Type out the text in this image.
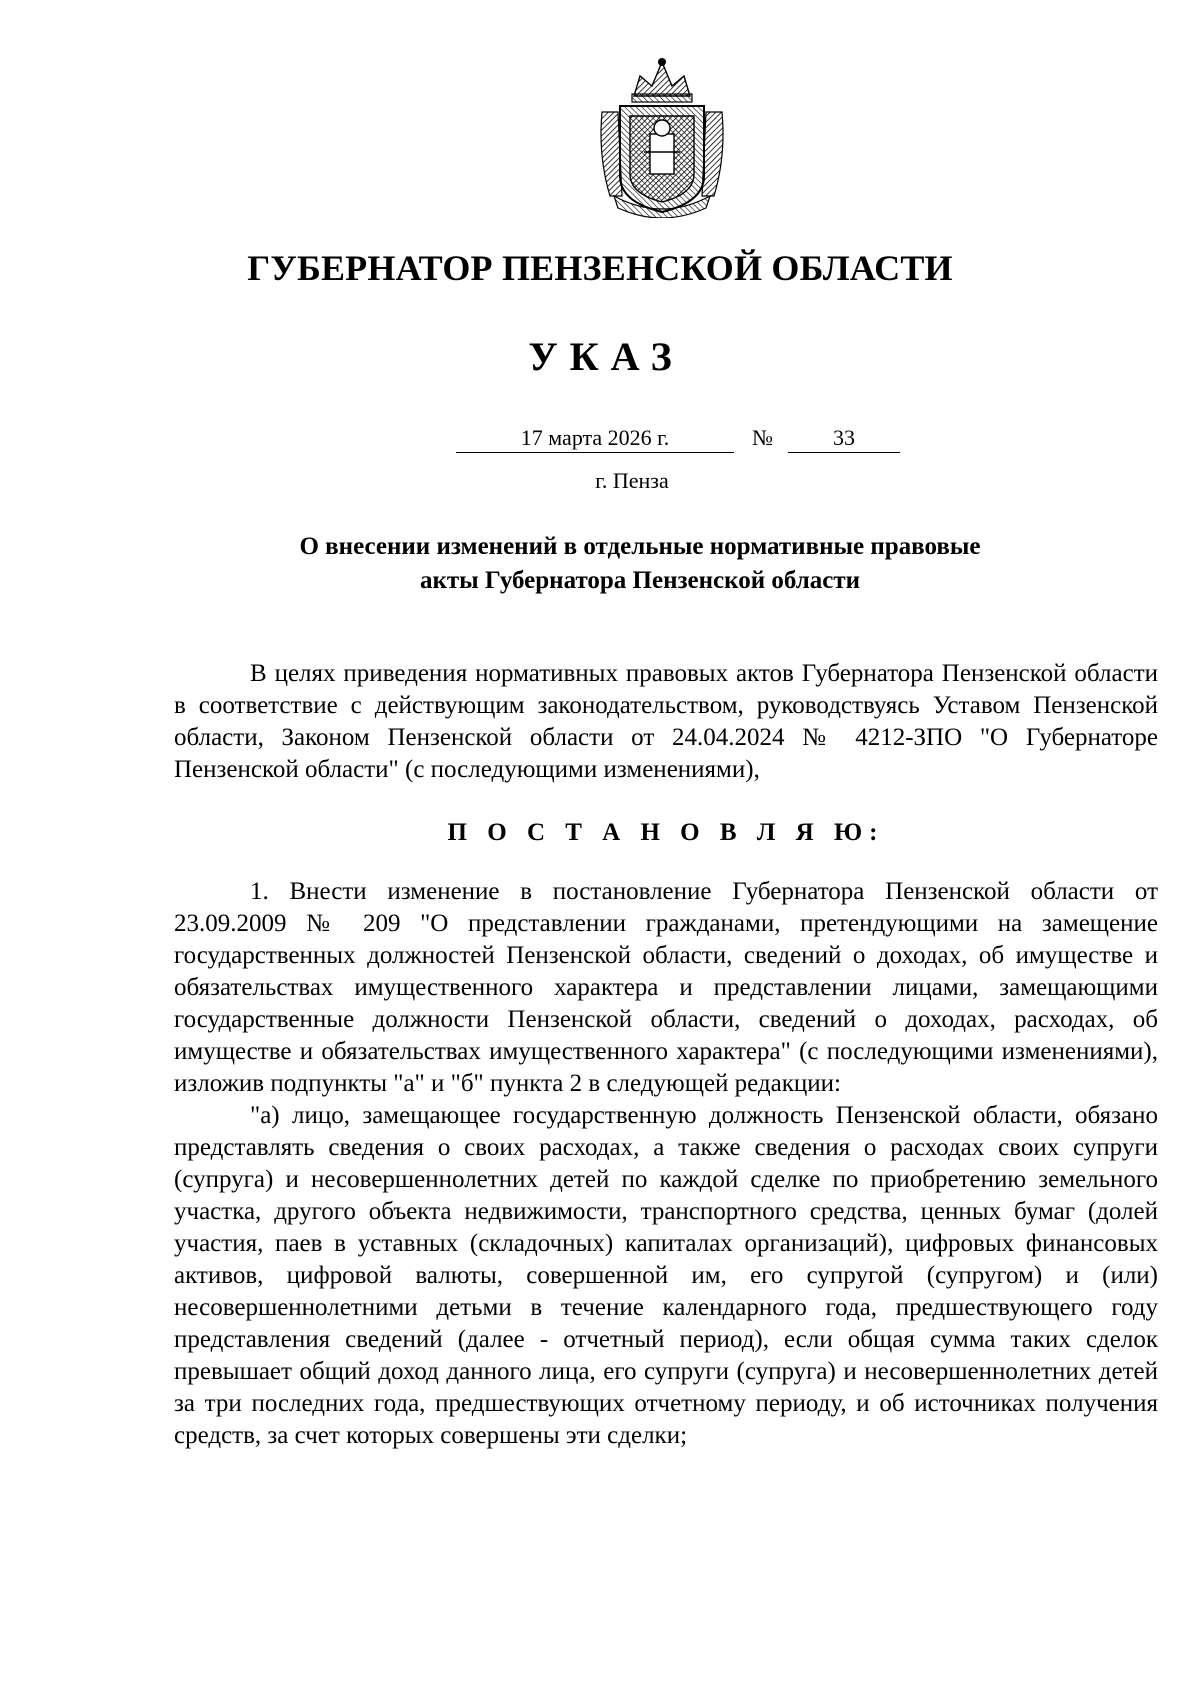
ГУБЕРНАТОР ПЕНЗЕНСКОЙ ОБЛАСТИ
УКАЗ
17 марта 2026 г.	№	33
г. Пенза
О внесении изменений в отдельные нормативные правовые
акты Губернатора Пензенской области

В целях приведения нормативных правовых актов Губернатора Пензенской области в соответствие с действующим законодательством, руководствуясь Уставом Пензенской области, Законом Пензенской области от 24.04.2024 № 4212-ЗПО "О Губернаторе Пензенской области" (с последующими изменениями),

П О С Т А Н О В Л Я Ю:

1. Внести изменение в постановление Губернатора Пензенской области от 23.09.2009 № 209 "О представлении гражданами, претендующими на замещение государственных должностей Пензенской области, сведений о доходах, об имуществе и обязательствах имущественного характера и представлении лицами, замещающими государственные должности Пензенской области, сведений о доходах, расходах, об имуществе и обязательствах имущественного характера" (с последующими изменениями), изложив подпункты "а" и "б" пункта 2 в следующей редакции:

"а) лицо, замещающее государственную должность Пензенской области, обязано представлять сведения о своих расходах, а также сведения о расходах своих супруги (супруга) и несовершеннолетних детей по каждой сделке по приобретению земельного участка, другого объекта недвижимости, транспортного средства, ценных бумаг (долей участия, паев в уставных (складочных) капиталах организаций), цифровых финансовых активов, цифровой валюты, совершенной им, его супругой (супругом) и (или) несовершеннолетними детьми в течение календарного года, предшествующего году представления сведений (далее - отчетный период), если общая сумма таких сделок превышает общий доход данного лица, его супруги (супруга) и несовершеннолетних детей за три последних года, предшествующих отчетному периоду, и об источниках получения средств, за счет которых совершены эти сделки;
